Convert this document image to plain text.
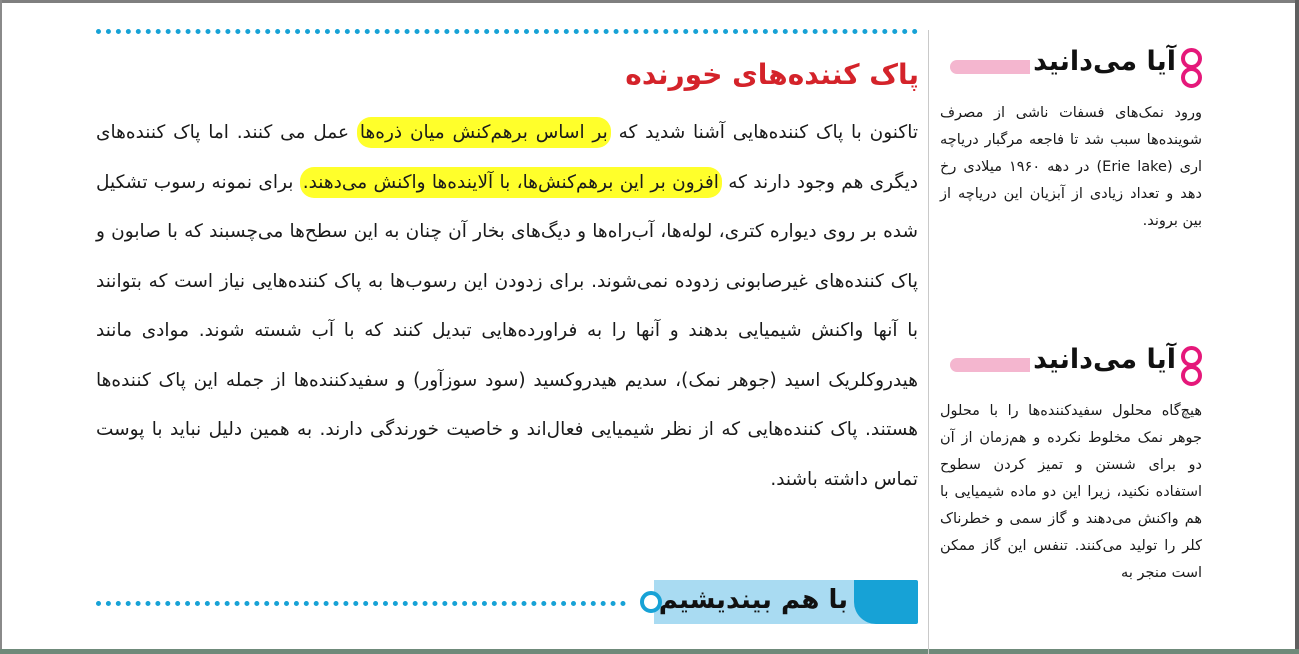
پاک کننده‌های خورنده

تاکنون با پاک کننده‌هایی آشنا شدید که بر اساس برهم‌کنش میان ذره‌ها عمل می کنند. اما پاک کننده‌های دیگری هم وجود دارند که افزون بر این برهم‌کنش‌ها، با آلاینده‌ها واکنش می‌دهند. برای نمونه رسوب تشکیل شده بر روی دیواره کتری، لوله‌ها، آب‌راه‌ها و دیگ‌های بخار آن چنان به این سطح‌ها می‌چسبند که با صابون و پاک کننده‌های غیرصابونی زدوده نمی‌شوند. برای زدودن این رسوب‌ها به پاک کننده‌هایی نیاز است که بتوانند با آنها واکنش شیمیایی بدهند و آنها را به فراورده‌هایی تبدیل کنند که با آب شسته شوند. موادی مانند هیدروکلریک اسید (جوهر نمک)، سدیم هیدروکسید (سود سوزآور) و سفیدکننده‌ها از جمله این پاک کننده‌ها هستند. پاک کننده‌هایی که از نظر شیمیایی فعال‌اند و خاصیت خورندگی دارند. به همین دلیل نباید با پوست تماس داشته باشند.

با هم بیندیشیم
آیا می‌دانید

ورود نمک‌های فسفات ناشی از مصرف شوینده‌ها سبب شد تا فاجعه مرگبار دریاچه اری (Erie lake) در دهه ۱۹۶۰ میلادی رخ دهد و تعداد زیادی از آبزیان این دریاچه از بین بروند.

آیا می‌دانید

هیچ‌گاه محلول سفیدکننده‌ها را با محلول جوهر نمک مخلوط نکرده و هم‌زمان از آن دو برای شستن و تمیز کردن سطوح استفاده نکنید، زیرا این دو ماده شیمیایی با هم واکنش می‌دهند و گاز سمی و خطرناک کلر را تولید می‌کنند. تنفس این گاز ممکن است منجر به
